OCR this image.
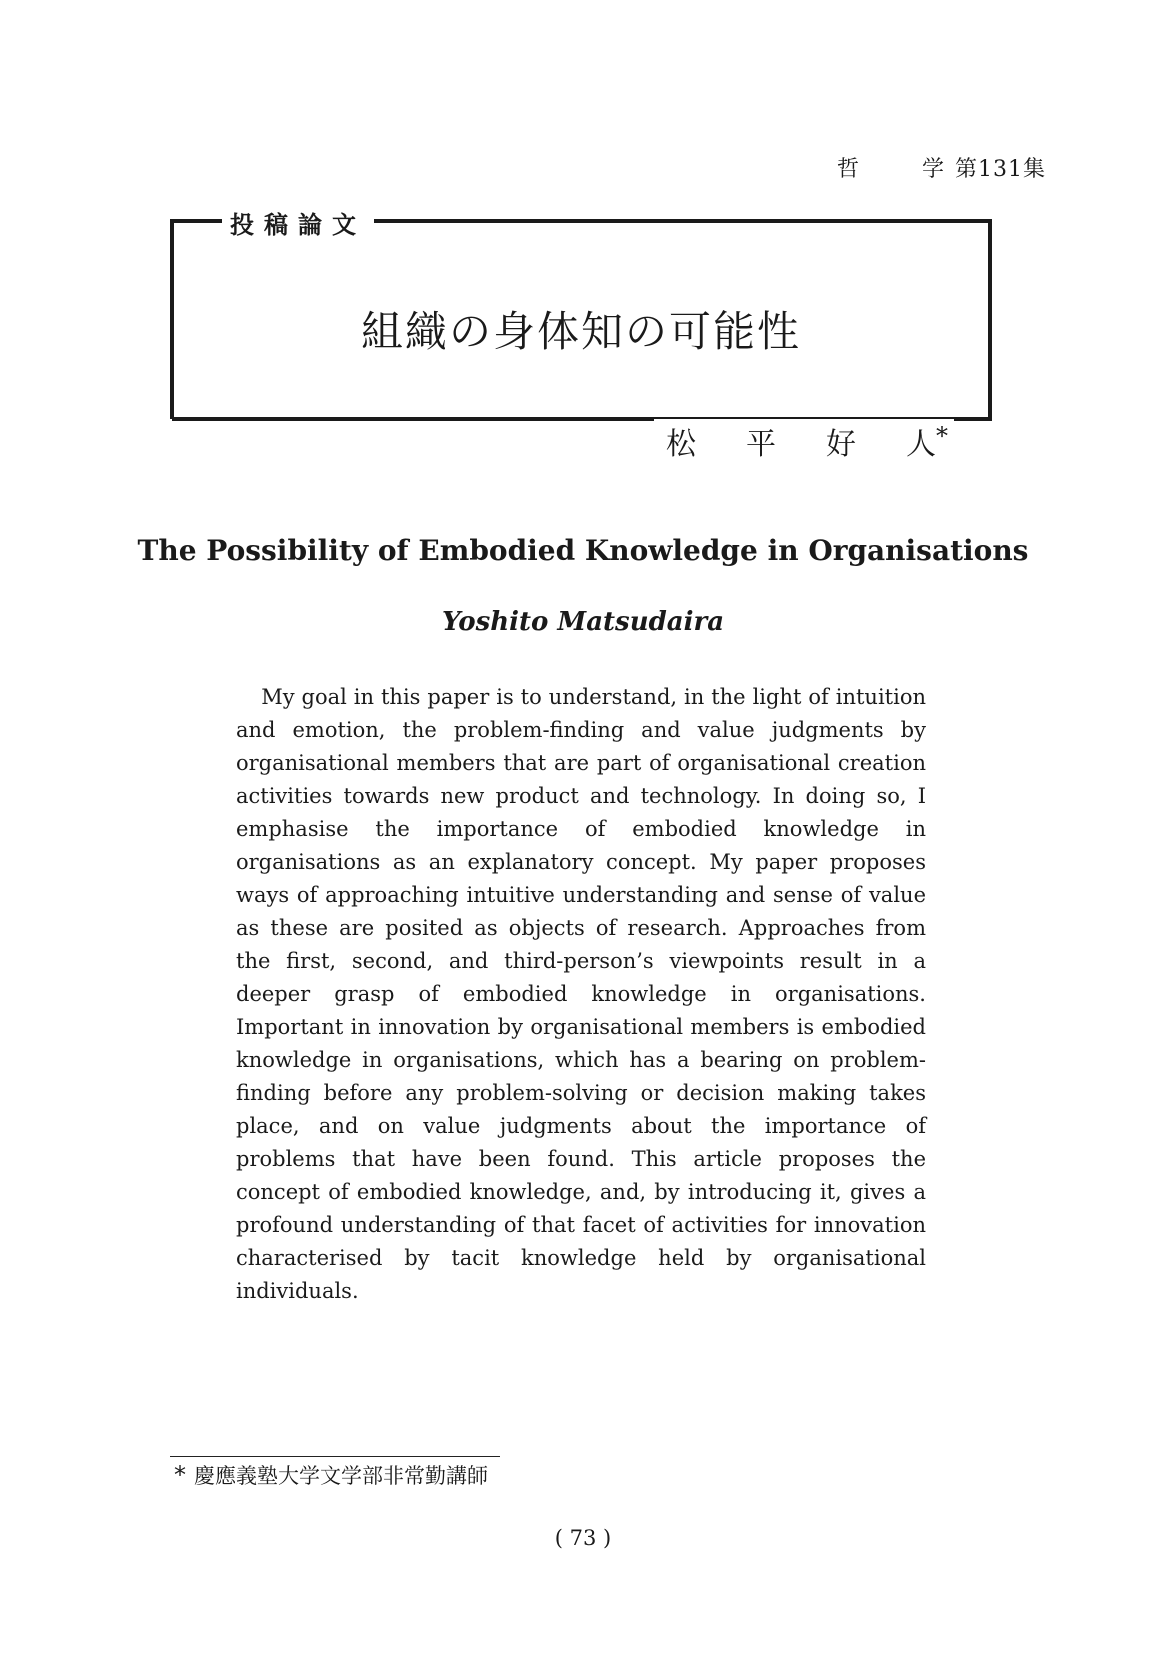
哲	学 第131集
投稿論文
組織の身体知の可能性
松 平 好 人*
The Possibility of Embodied Knowledge in Organisations
Yoshito Matsudaira

My goal in this paper is to understand, in the light of intuition and emotion, the problem-finding and value judgments by organisational members that are part of organisational creation activities towards new product and technology. In doing so, I emphasise the importance of embodied knowledge in organisations as an explanatory concept. My paper proposes ways of approaching intuitive understanding and sense of value as these are posited as objects of research. Approaches from the first, second, and third-person’s viewpoints result in a deeper grasp of embodied knowledge in organisations. Important in innovation by organisational members is embodied knowledge in organisations, which has a bearing on problem-finding before any problem-solving or decision making takes place, and on value judgments about the importance of problems that have been found. This article proposes the concept of embodied knowledge, and, by introducing it, gives a profound understanding of that facet of activities for innovation characterised by tacit knowledge held by organisational individuals.

* 慶應義塾大学文学部非常勤講師
( 73 )
